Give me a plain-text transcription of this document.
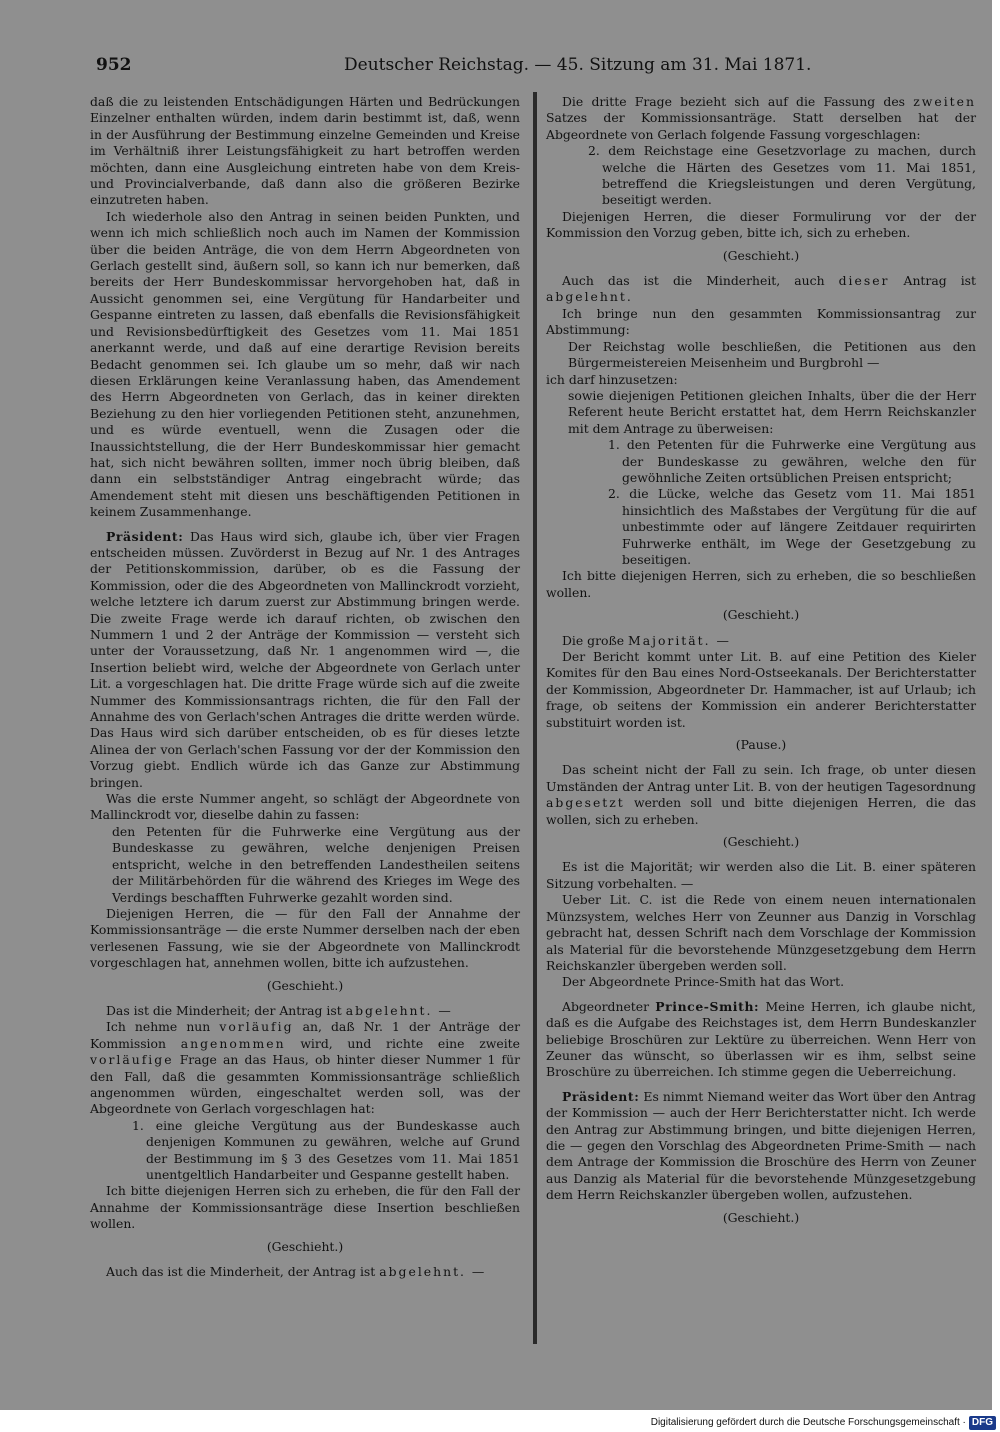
952	Deutscher Reichstag. — 45. Sitzung am 31. Mai 1871.

daß die zu leistenden Entschädigungen Härten und Bedrückungen Einzelner enthalten würden, indem darin bestimmt ist, daß, wenn in der Ausführung der Bestimmung einzelne Gemeinden und Kreise im Verhältniß ihrer Leistungsfähigkeit zu hart betroffen werden möchten, dann eine Ausgleichung eintreten habe von dem Kreis- und Provincialverbande, daß dann also die größeren Bezirke einzutreten haben.

Ich wiederhole also den Antrag in seinen beiden Punkten, und wenn ich mich schließlich noch auch im Namen der Kommission über die beiden Anträge, die von dem Herrn Abgeordneten von Gerlach gestellt sind, äußern soll, so kann ich nur bemerken, daß bereits der Herr Bundeskommissar hervorgehoben hat, daß in Aussicht genommen sei, eine Vergütung für Handarbeiter und Gespanne eintreten zu lassen, daß ebenfalls die Revisionsfähigkeit und Revisionsbedürftigkeit des Gesetzes vom 11. Mai 1851 anerkannt werde, und daß auf eine derartige Revision bereits Bedacht genommen sei. Ich glaube um so mehr, daß wir nach diesen Erklärungen keine Veranlassung haben, das Amendement des Herrn Abgeordneten von Gerlach, das in keiner direkten Beziehung zu den hier vorliegenden Petitionen steht, anzunehmen, und es würde eventuell, wenn die Zusagen oder die Inaussichtstellung, die der Herr Bundeskommissar hier gemacht hat, sich nicht bewähren sollten, immer noch übrig bleiben, daß dann ein selbstständiger Antrag eingebracht würde; das Amendement steht mit diesen uns beschäftigenden Petitionen in keinem Zusammenhange.

Präsident: Das Haus wird sich, glaube ich, über vier Fragen entscheiden müssen. Zuvörderst in Bezug auf Nr. 1 des Antrages der Petitionskommission, darüber, ob es die Fassung der Kommission, oder die des Abgeordneten von Mallinckrodt vorzieht, welche letztere ich darum zuerst zur Abstimmung bringen werde. Die zweite Frage werde ich darauf richten, ob zwischen den Nummern 1 und 2 der Anträge der Kommission — versteht sich unter der Voraussetzung, daß Nr. 1 angenommen wird —, die Insertion beliebt wird, welche der Abgeordnete von Gerlach unter Lit. a vorgeschlagen hat. Die dritte Frage würde sich auf die zweite Nummer des Kommissionsantrags richten, die für den Fall der Annahme des von Gerlach'schen Antrages die dritte werden würde. Das Haus wird sich darüber entscheiden, ob es für dieses letzte Alinea der von Gerlach'schen Fassung vor der der Kommission den Vorzug giebt. Endlich würde ich das Ganze zur Abstimmung bringen.

Was die erste Nummer angeht, so schlägt der Abgeordnete von Mallinckrodt vor, dieselbe dahin zu fassen:

den Petenten für die Fuhrwerke eine Vergütung aus der Bundeskasse zu gewähren, welche denjenigen Preisen entspricht, welche in den betreffenden Landestheilen seitens der Militärbehörden für die während des Krieges im Wege des Verdings beschafften Fuhrwerke gezahlt worden sind.

Diejenigen Herren, die — für den Fall der Annahme der Kommissionsanträge — die erste Nummer derselben nach der eben verlesenen Fassung, wie sie der Abgeordnete von Mallinckrodt vorgeschlagen hat, annehmen wollen, bitte ich aufzustehen.

(Geschieht.)

Das ist die Minderheit; der Antrag ist abgelehnt. —

Ich nehme nun vorläufig an, daß Nr. 1 der Anträge der Kommission angenommen wird, und richte eine zweite vorläufige Frage an das Haus, ob hinter dieser Nummer 1 für den Fall, daß die gesammten Kommissionsanträge schließlich angenommen würden, eingeschaltet werden soll, was der Abgeordnete von Gerlach vorgeschlagen hat:

1. eine gleiche Vergütung aus der Bundeskasse auch denjenigen Kommunen zu gewähren, welche auf Grund der Bestimmung im § 3 des Gesetzes vom 11. Mai 1851 unentgeltlich Handarbeiter und Gespanne gestellt haben.

Ich bitte diejenigen Herren sich zu erheben, die für den Fall der Annahme der Kommissionsanträge diese Insertion beschließen wollen.

(Geschieht.)

Auch das ist die Minderheit, der Antrag ist abgelehnt. —

Die dritte Frage bezieht sich auf die Fassung des zweiten Satzes der Kommissionsanträge. Statt derselben hat der Abgeordnete von Gerlach folgende Fassung vorgeschlagen:

2. dem Reichstage eine Gesetzvorlage zu machen, durch welche die Härten des Gesetzes vom 11. Mai 1851, betreffend die Kriegsleistungen und deren Vergütung, beseitigt werden.

Diejenigen Herren, die dieser Formulirung vor der der Kommission den Vorzug geben, bitte ich, sich zu erheben.

(Geschieht.)

Auch das ist die Minderheit, auch dieser Antrag ist abgelehnt.

Ich bringe nun den gesammten Kommissionsantrag zur Abstimmung:

Der Reichstag wolle beschließen, die Petitionen aus den Bürgermeistereien Meisenheim und Burgbrohl —

ich darf hinzusetzen:

sowie diejenigen Petitionen gleichen Inhalts, über die der Herr Referent heute Bericht erstattet hat, dem Herrn Reichskanzler mit dem Antrage zu überweisen:

1. den Petenten für die Fuhrwerke eine Vergütung aus der Bundeskasse zu gewähren, welche den für gewöhnliche Zeiten ortsüblichen Preisen entspricht;
2. die Lücke, welche das Gesetz vom 11. Mai 1851 hinsichtlich des Maßstabes der Vergütung für die auf unbestimmte oder auf längere Zeitdauer requirirten Fuhrwerke enthält, im Wege der Gesetzgebung zu beseitigen.

Ich bitte diejenigen Herren, sich zu erheben, die so beschließen wollen.

(Geschieht.)

Die große Majorität. —

Der Bericht kommt unter Lit. B. auf eine Petition des Kieler Komites für den Bau eines Nord-Ostseekanals. Der Berichterstatter der Kommission, Abgeordneter Dr. Hammacher, ist auf Urlaub; ich frage, ob seitens der Kommission ein anderer Berichterstatter substituirt worden ist.

(Pause.)

Das scheint nicht der Fall zu sein. Ich frage, ob unter diesen Umständen der Antrag unter Lit. B. von der heutigen Tagesordnung abgesetzt werden soll und bitte diejenigen Herren, die das wollen, sich zu erheben.

(Geschieht.)

Es ist die Majorität; wir werden also die Lit. B. einer späteren Sitzung vorbehalten. —

Ueber Lit. C. ist die Rede von einem neuen internationalen Münzsystem, welches Herr von Zeunner aus Danzig in Vorschlag gebracht hat, dessen Schrift nach dem Vorschlage der Kommission als Material für die bevorstehende Münzgesetzgebung dem Herrn Reichskanzler übergeben werden soll.

Der Abgeordnete Prince-Smith hat das Wort.

Abgeordneter Prince-Smith: Meine Herren, ich glaube nicht, daß es die Aufgabe des Reichstages ist, dem Herrn Bundeskanzler beliebige Broschüren zur Lektüre zu überreichen. Wenn Herr von Zeuner das wünscht, so überlassen wir es ihm, selbst seine Broschüre zu überreichen. Ich stimme gegen die Ueberreichung.

Präsident: Es nimmt Niemand weiter das Wort über den Antrag der Kommission — auch der Herr Berichterstatter nicht. Ich werde den Antrag zur Abstimmung bringen, und bitte diejenigen Herren, die — gegen den Vorschlag des Abgeordneten Prime-Smith — nach dem Antrage der Kommission die Broschüre des Herrn von Zeuner aus Danzig als Material für die bevorstehende Münzgesetzgebung dem Herrn Reichskanzler übergeben wollen, aufzustehen.

(Geschieht.)

Digitalisierung gefördert durch die Deutsche Forschungsgemeinschaft · DFG
